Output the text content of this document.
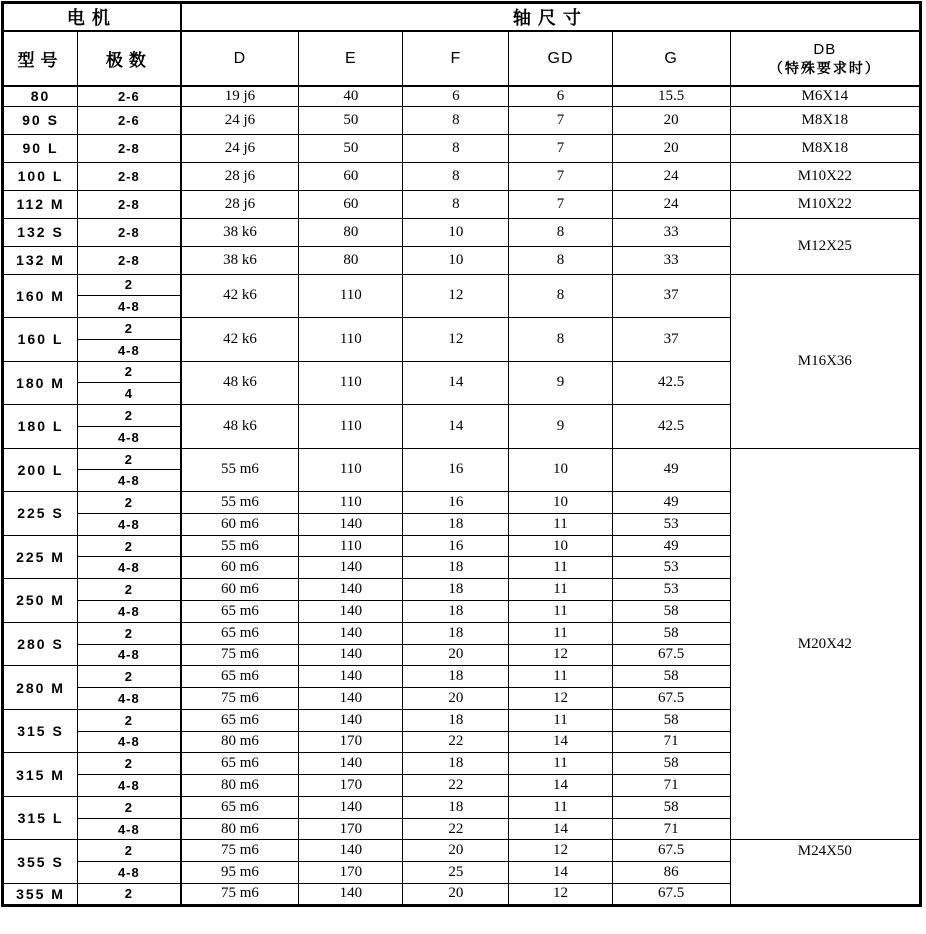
电机		轴尺寸					
型号	极数	D	E	F	GD	G	DB
（特殊要求时）

80	2-6	19 j6	40	6	6	15.5	M6X14
90 S	2-6	24 j6	50	8	7	20	M8X18
90 L	2-8	24 j6	50	8	7	20	M8X18
100 L	2-8	28 j6	60	8	7	24	M10X22
112 M	2-8	28 j6	60	8	7	24	M10X22
132 S	2-8	38 k6	80	10	8	33	M12X25
132 M	2-8	38 k6	80	10	8	33	
160 M	2	42 k6	110	12	8	37	M16X36
	4-8						
160 L	2	42 k6	110	12	8	37	
	4-8						
180 M	2	48 k6	110	14	9	42.5	
	4						
180 L	2	48 k6	110	14	9	42.5	
	4-8						
200 L	2	55 m6	110	16	10	49	M20X42
	4-8						
225 S	2	55 m6	110	16	10	49	
	4-8	60 m6	140	18	11	53	
225 M	2	55 m6	110	16	10	49	
	4-8	60 m6	140	18	11	53	
250 M	2	60 m6	140	18	11	53	
	4-8	65 m6	140	18	11	58	
280 S	2	65 m6	140	18	11	58	
	4-8	75 m6	140	20	12	67.5	
280 M	2	65 m6	140	18	11	58	
	4-8	75 m6	140	20	12	67.5	
315 S	2	65 m6	140	18	11	58	
	4-8	80 m6	170	22	14	71	
315 M	2	65 m6	140	18	11	58	
	4-8	80 m6	170	22	14	71	
315 L	2	65 m6	140	18	11	58	
	4-8	80 m6	170	22	14	71	
355 S	2	75 m6	140	20	12	67.5	M24X50
	4-8	95 m6	170	25	14	86	
355 M	2	75 m6	140	20	12	67.5	
